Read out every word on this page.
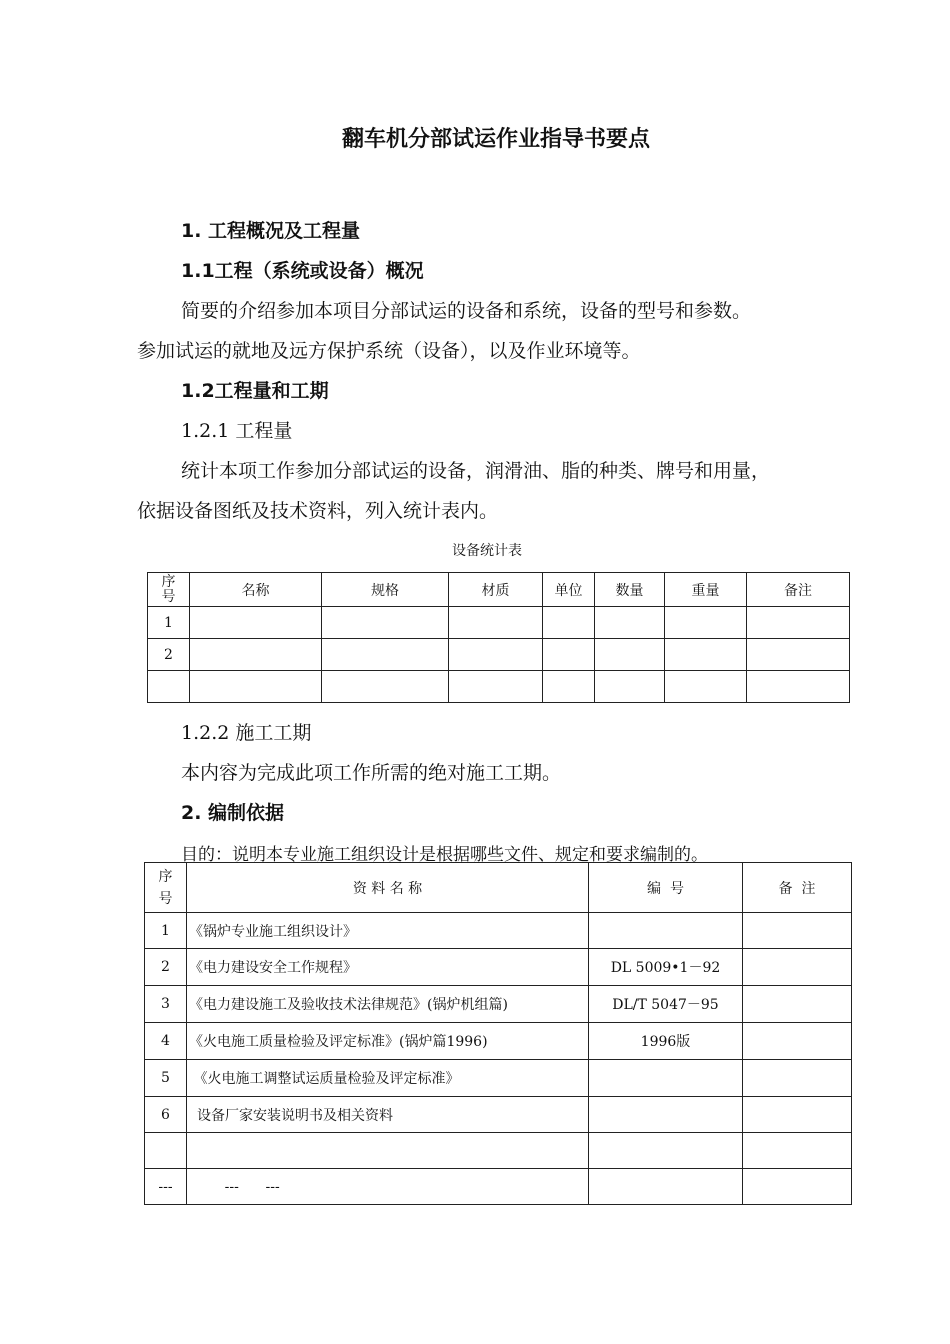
翻车机分部试运作业指导书要点
1. 工程概况及工程量
1.1工程（系统或设备）概况
简要的介绍参加本项目分部试运的设备和系统，设备的型号和参数。
参加试运的就地及远方保护系统（设备），以及作业环境等。
1.2工程量和工期
1.2.1 工程量
统计本项工作参加分部试运的设备，润滑油、脂的种类、牌号和用量，
依据设备图纸及技术资料，列入统计表内。
设备统计表
序号	名称	规格	材质	单位	数量	重量	备注
1							
2							

1.2.2 施工工期
本内容为完成此项工作所需的绝对施工工期。
2. 编制依据
目的：说明本专业施工组织设计是根据哪些文件、规定和要求编制的。
序号	资 料 名 称	编  号	备  注
1	《锅炉专业施工组织设计》		
2	《电力建设安全工作规程》	DL 5009•1－92	
3	《电力建设施工及验收技术法律规范》(锅炉机组篇)	DL/T 5047－95	
4	《火电施工质量检验及评定标准》(锅炉篇1996)	1996版	
5	《火电施工调整试运质量检验及评定标准》		
6	设备厂家安装说明书及相关资料		

---	---      ---		
